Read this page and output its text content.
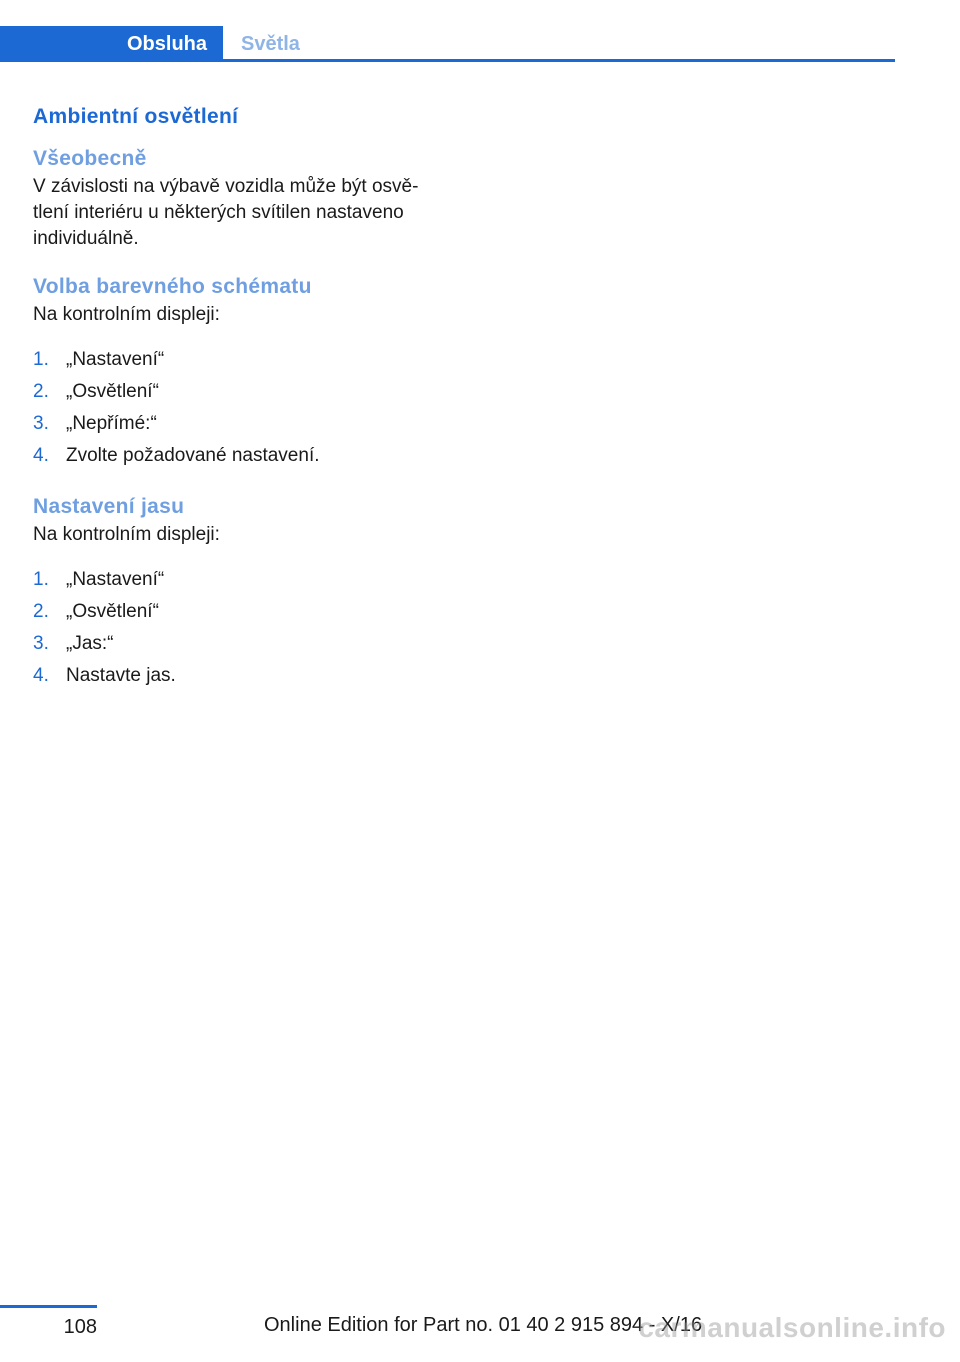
Obsluha	Světla
Ambientní osvětlení
Všeobecně

V závislosti na výbavě vozidla může být osvě-
tlení interiéru u některých svítilen nastaveno
individuálně.

Volba barevného schématu

Na kontrolním displeji:

1. „Nastavení“
2. „Osvětlení“
3. „Nepřímé:“
4. Zvolte požadované nastavení.
Nastavení jasu

Na kontrolním displeji:

1. „Nastavení“
2. „Osvětlení“
3. „Jas:“
4. Nastavte jas.
108	Online Edition for Part no. 01 40 2 915 894 - X/16
carmanualsonline.info
